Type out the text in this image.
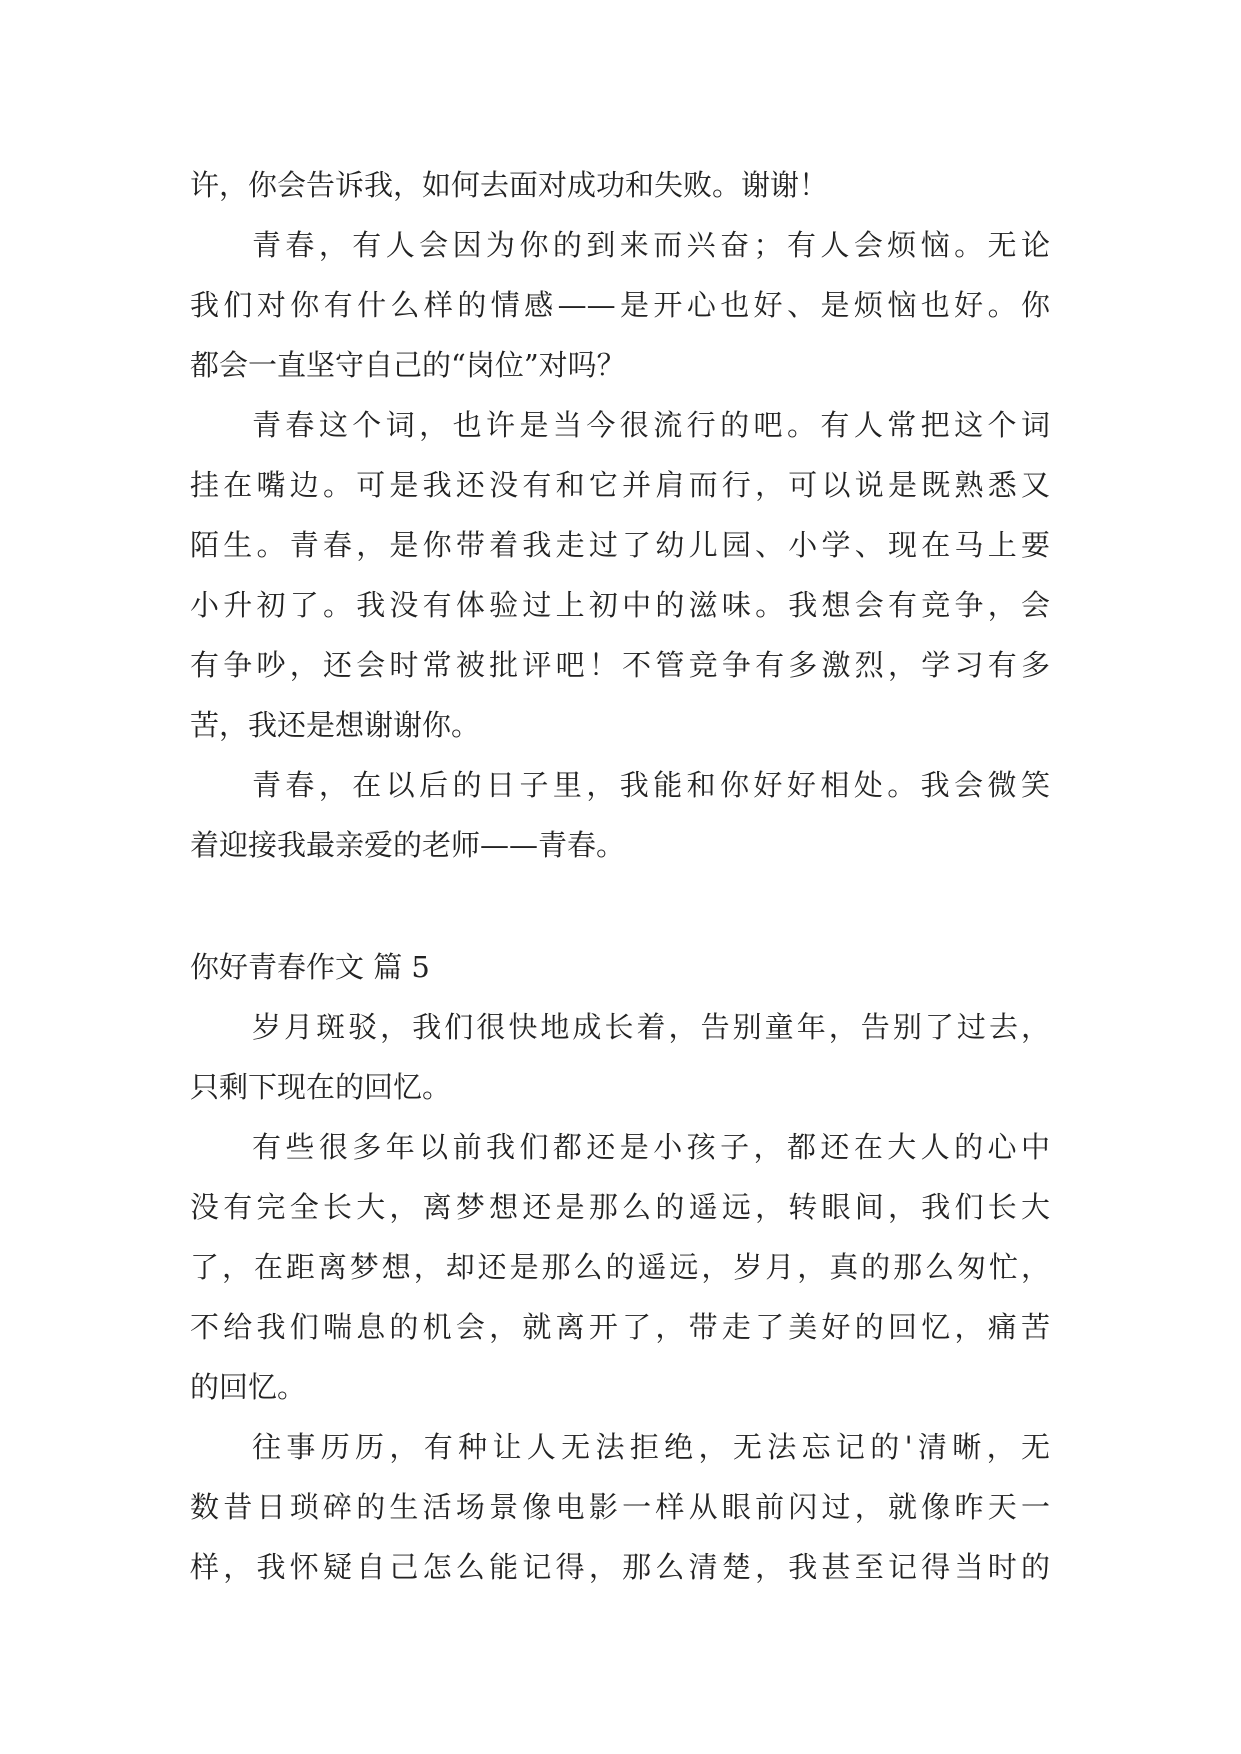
许，你会告诉我，如何去面对成功和失败。谢谢！
青春，有人会因为你的到来而兴奋；有人会烦恼。无论
我们对你有什么样的情感——是开心也好、是烦恼也好。你
都会一直坚守自己的“岗位”对吗？
青春这个词，也许是当今很流行的吧。有人常把这个词
挂在嘴边。可是我还没有和它并肩而行，可以说是既熟悉又
陌生。青春，是你带着我走过了幼儿园、小学、现在马上要
小升初了。我没有体验过上初中的滋味。我想会有竞争，会
有争吵，还会时常被批评吧！不管竞争有多激烈，学习有多
苦，我还是想谢谢你。
青春，在以后的日子里，我能和你好好相处。我会微笑
着迎接我最亲爱的老师——青春。
你好青春作文 篇 5
岁月斑驳，我们很快地成长着，告别童年，告别了过去，
只剩下现在的回忆。
有些很多年以前我们都还是小孩子，都还在大人的心中
没有完全长大，离梦想还是那么的遥远，转眼间，我们长大
了，在距离梦想，却还是那么的遥远，岁月，真的那么匆忙，
不给我们喘息的机会，就离开了，带走了美好的回忆，痛苦
的回忆。
往事历历，有种让人无法拒绝，无法忘记的'清晰，无
数昔日琐碎的生活场景像电影一样从眼前闪过，就像昨天一
样，我怀疑自己怎么能记得，那么清楚，我甚至记得当时的
